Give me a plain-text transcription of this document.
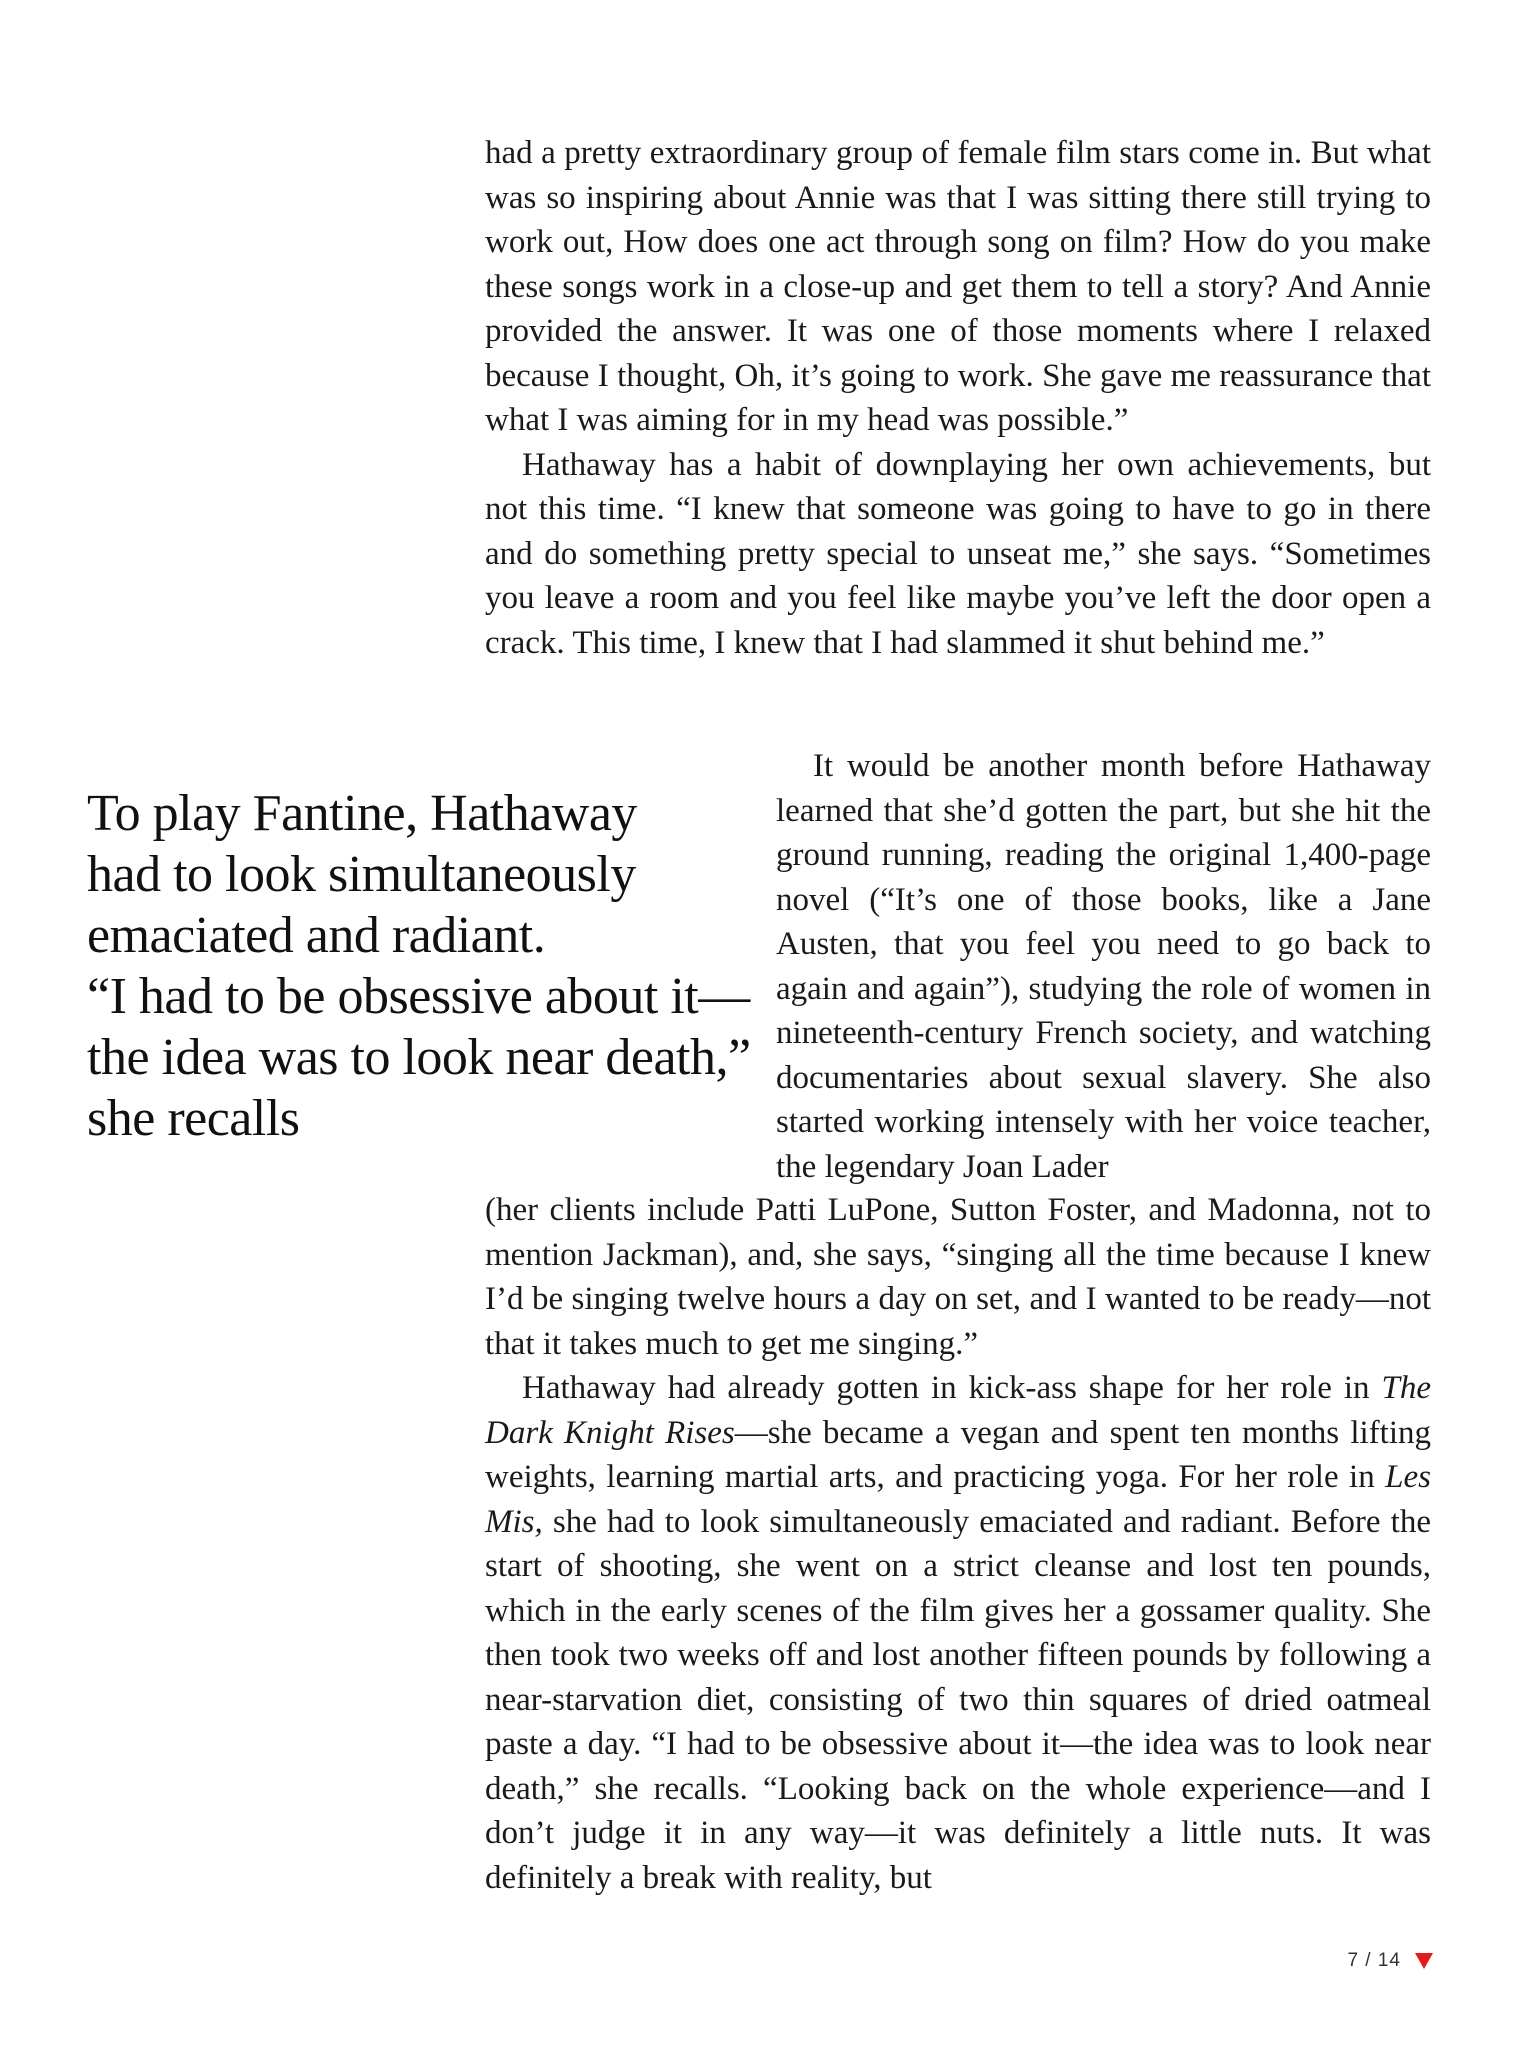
had a pretty extraordinary group of female film stars come in. But what was so inspiring about Annie was that I was sitting there still trying to work out, How does one act through song on film? How do you make these songs work in a close-up and get them to tell a story? And Annie provided the answer. It was one of those moments where I relaxed because I thought, Oh, it’s going to work. She gave me reassurance that what I was aiming for in my head was possible.”

Hathaway has a habit of downplaying her own achievements, but not this time. “I knew that someone was going to have to go in there and do something pretty special to unseat me,” she says. “Sometimes you leave a room and you feel like maybe you’ve left the door open a crack. This time, I knew that I had slammed it shut behind me.”

To play Fantine, Hathaway
had to look simultaneously
emaciated and radiant.
“I had to be obsessive about it—
the idea was to look near death,”
she recalls

It would be another month before Hathaway learned that she’d gotten the part, but she hit the ground running, reading the original 1,400-page novel (“It’s one of those books, like a Jane Austen, that you feel you need to go back to again and again”), studying the role of women in nineteenth-century French society, and watching documentaries about sexual slavery. She also started working intensely with her voice teacher, the legendary Joan Lader

(her clients include Patti LuPone, Sutton Foster, and Madonna, not to mention Jackman), and, she says, “singing all the time because I knew I’d be singing twelve hours a day on set, and I wanted to be ready—not that it takes much to get me singing.”

Hathaway had already gotten in kick-ass shape for her role in The Dark Knight Rises—she became a vegan and spent ten months lifting weights, learning martial arts, and practicing yoga. For her role in Les Mis, she had to look simultaneously emaciated and radiant. Before the start of shooting, she went on a strict cleanse and lost ten pounds, which in the early scenes of the film gives her a gossamer quality. She then took two weeks off and lost another fifteen pounds by following a near-starvation diet, consisting of two thin squares of dried oatmeal paste a day. “I had to be obsessive about it—the idea was to look near death,” she recalls. “Looking back on the whole experience—and I don’t judge it in any way—it was definitely a little nuts. It was definitely a break with reality, but

7 / 14
